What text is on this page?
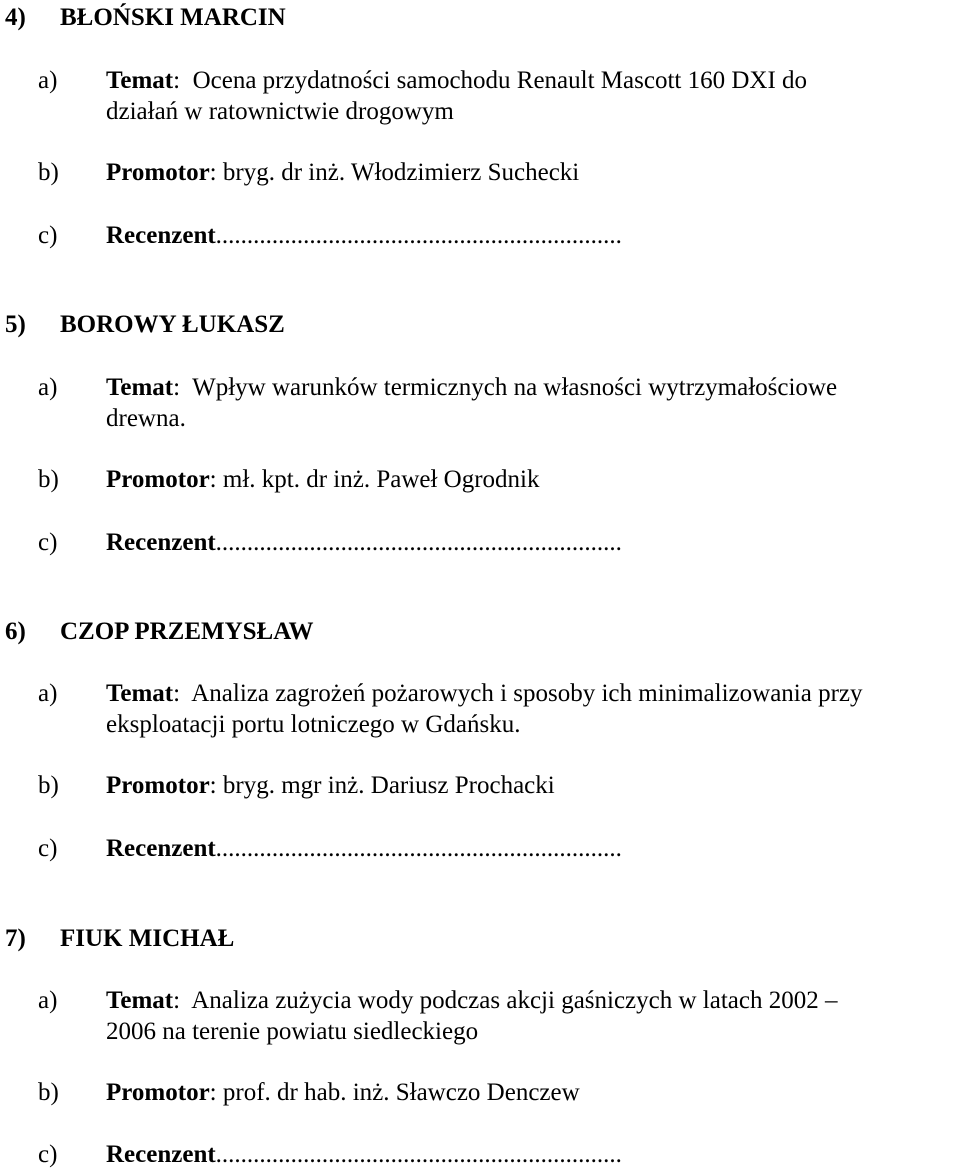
4) BŁOŃSKI MARCIN
a) Temat:  Ocena przydatności samochodu Renault Mascott 160 DXI do
działań w ratownictwie drogowym
b) Promotor: bryg. dr inż. Włodzimierz Suchecki
c) Recenzent.................................................................
5) BOROWY ŁUKASZ
a) Temat:  Wpływ warunków termicznych na własności wytrzymałościowe
drewna.
b) Promotor: mł. kpt. dr inż. Paweł Ogrodnik
c) Recenzent.................................................................
6) CZOP PRZEMYSŁAW
a) Temat:  Analiza zagrożeń pożarowych i sposoby ich minimalizowania przy
eksploatacji portu lotniczego w Gdańsku.
b) Promotor: bryg. mgr inż. Dariusz Prochacki
c) Recenzent.................................................................
7) FIUK MICHAŁ
a) Temat:  Analiza zużycia wody podczas akcji gaśniczych w latach 2002 –
2006 na terenie powiatu siedleckiego
b) Promotor: prof. dr hab. inż. Sławczo Denczew
c) Recenzent.................................................................
